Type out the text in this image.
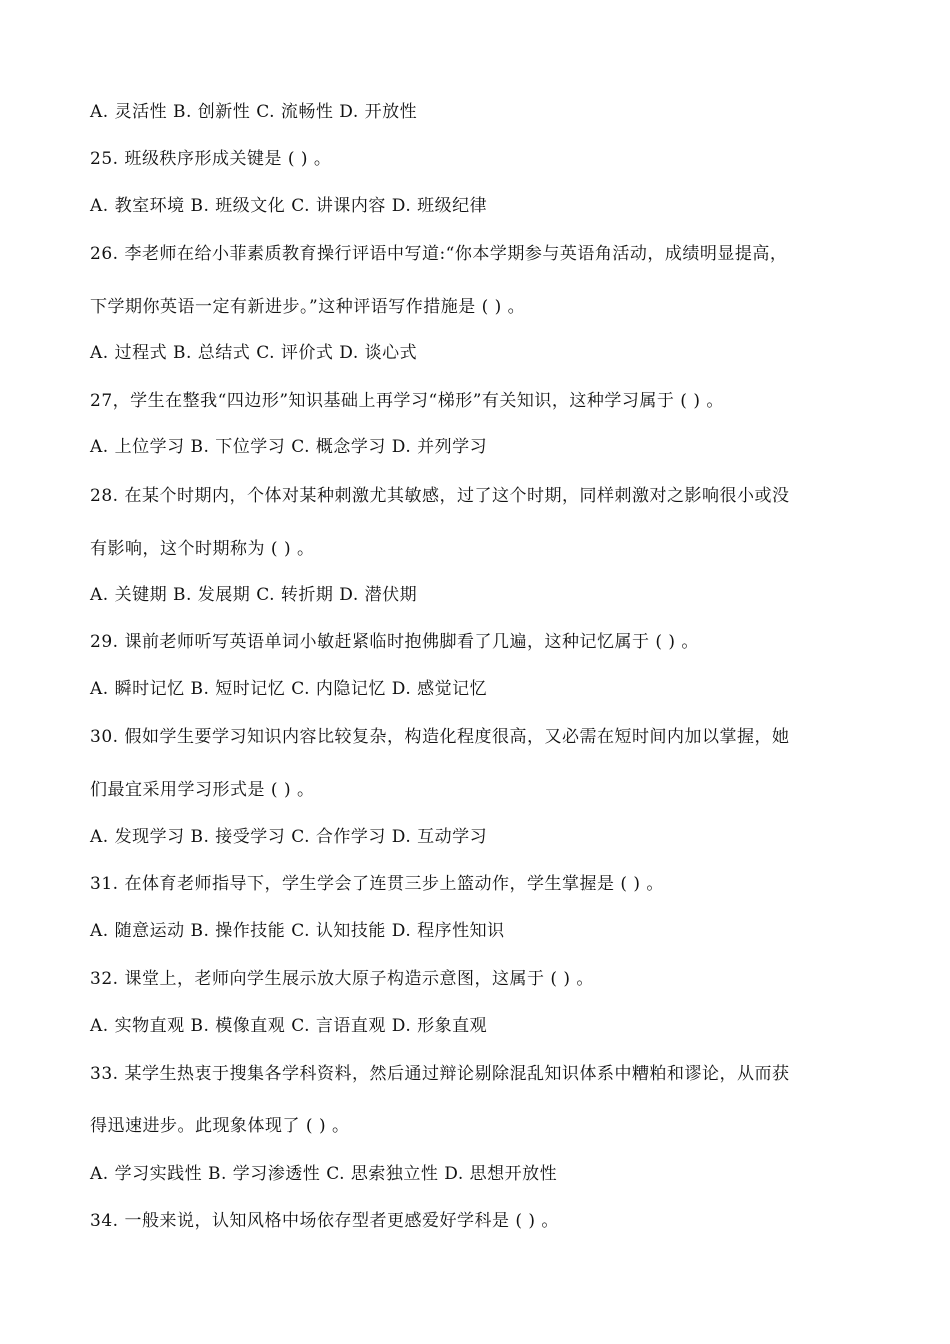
A. 灵活性 B. 创新性 C. 流畅性 D. 开放性
25. 班级秩序形成关键是 ( ) 。
A. 教室环境 B. 班级文化 C. 讲课内容 D. 班级纪律
26. 李老师在给小菲素质教育操行评语中写道:“你本学期参与英语角活动，成绩明显提高，
下学期你英语一定有新进步。”这种评语写作措施是 ( ) 。
A. 过程式 B. 总结式 C. 评价式 D. 谈心式
27，学生在整我“四边形”知识基础上再学习“梯形”有关知识，这种学习属于 ( ) 。
A. 上位学习 B. 下位学习 C. 概念学习 D. 并列学习
28. 在某个时期内，个体对某种刺激尤其敏感，过了这个时期，同样刺激对之影响很小或没
有影响，这个时期称为 ( ) 。
A. 关键期 B. 发展期 C. 转折期 D. 潜伏期
29. 课前老师听写英语单词小敏赶紧临时抱佛脚看了几遍，这种记忆属于 ( ) 。
A. 瞬时记忆 B. 短时记忆 C. 内隐记忆 D. 感觉记忆
30. 假如学生要学习知识内容比较复杂，构造化程度很高，又必需在短时间内加以掌握，她
们最宜采用学习形式是 ( ) 。
A. 发现学习 B. 接受学习 C. 合作学习 D. 互动学习
31. 在体育老师指导下，学生学会了连贯三步上篮动作，学生掌握是 ( ) 。
A. 随意运动 B. 操作技能 C. 认知技能 D. 程序性知识
32. 课堂上，老师向学生展示放大原子构造示意图，这属于 ( ) 。
A. 实物直观 B. 模像直观 C. 言语直观 D. 形象直观
33. 某学生热衷于搜集各学科资料，然后通过辩论剔除混乱知识体系中糟粕和谬论，从而获
得迅速进步。此现象体现了 ( ) 。
A. 学习实践性 B. 学习渗透性 C. 思索独立性 D. 思想开放性
34. 一般来说，认知风格中场依存型者更感爱好学科是 ( ) 。
